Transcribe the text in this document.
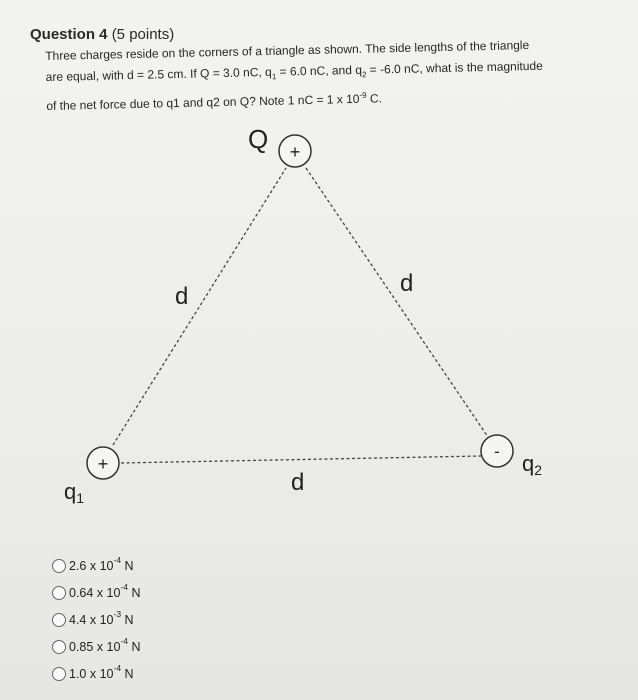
Question 4 (5 points)
Three charges reside on the corners of a triangle as shown. The side lengths of the triangle
are equal, with d = 2.5 cm. If Q = 3.0 nC, $q_1 = 6.0$ nC, and $q_2 = -6.0$ nC, what is the magnitude
of the net force due to q1 and q2 on Q? Note 1 nC = 1 x $10^{-9}$ C.
Q +
+
q1
- q2
d	d
d
2.6 x $10^{-4}$ N
0.64 x $10^{-4}$ N
4.4 x $10^{-3}$ N
0.85 x $10^{-4}$ N
1.0 x $10^{-4}$ N
